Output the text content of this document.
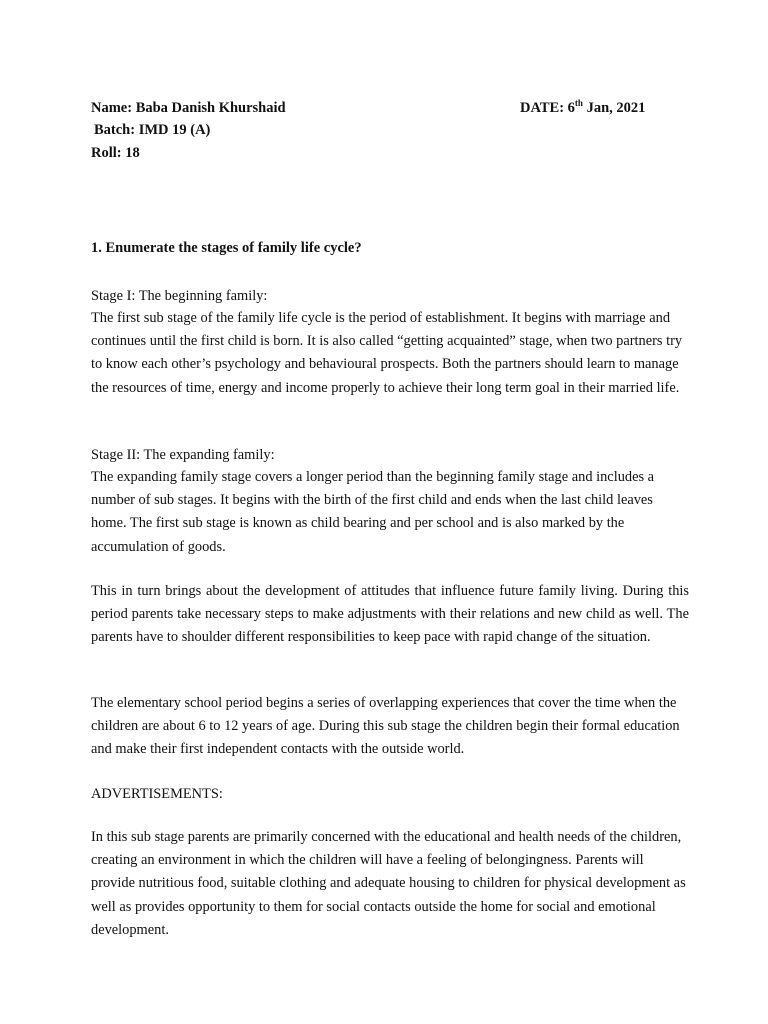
Name: Baba Danish Khurshaid	DATE: 6th Jan, 2021
Batch: IMD 19 (A)
Roll: 18
1. Enumerate the stages of family life cycle?
Stage I: The beginning family:

The first sub stage of the family life cycle is the period of establishment. It begins with marriage and continues until the first child is born. It is also called “getting acquainted” stage, when two partners try to know each other’s psychology and behavioural prospects. Both the partners should learn to manage the resources of time, energy and income properly to achieve their long term goal in their married life.

Stage II: The expanding family:

The expanding family stage covers a longer period than the beginning family stage and includes a number of sub stages. It begins with the birth of the first child and ends when the last child leaves home. The first sub stage is known as child bearing and per school and is also marked by the accumulation of goods.

This in turn brings about the development of attitudes that influence future family living. During this period parents take necessary steps to make adjustments with their relations and new child as well. The parents have to shoulder different responsibilities to keep pace with rapid change of the situation.

The elementary school period begins a series of overlapping experiences that cover the time when the children are about 6 to 12 years of age. During this sub stage the children begin their formal education and make their first independent contacts with the outside world.

ADVERTISEMENTS:

In this sub stage parents are primarily concerned with the educational and health needs of the children, creating an environment in which the children will have a feeling of belongingness. Parents will provide nutritious food, suitable clothing and adequate housing to children for physical development as well as provides opportunity to them for social contacts outside the home for social and emotional development.
